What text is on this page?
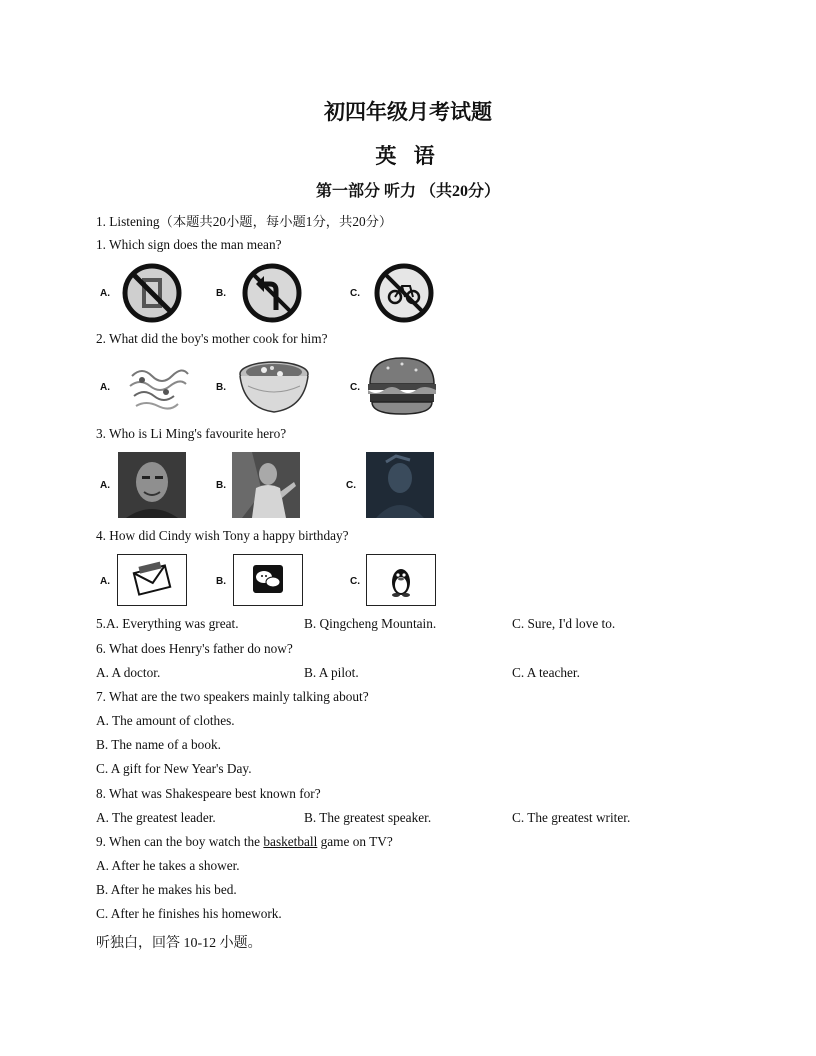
初四年级月考试题
英 语
第一部分 听力 （共20分）
1. Listening（本题共20小题，每小题1分，共20分）
1. Which sign does the man mean?
A.	B.	C.
2. What did the boy's mother cook for him?
A.	B.	C.
3. Who is Li Ming's favourite hero?
A.	B.	C.
4. How did Cindy wish Tony a happy birthday?
A.	B.	C.
5.A. Everything was great.	B. Qingcheng Mountain.	C. Sure, I'd love to.
6. What does Henry's father do now?
A. A doctor.	B. A pilot.	C. A teacher.
7. What are the two speakers mainly talking about?
A. The amount of clothes.
B. The name of a book.
C. A gift for New Year's Day.
8. What was Shakespeare best known for?
A. The greatest leader.	B. The greatest speaker.	C. The greatest writer.
9. When can the boy watch the basketball game on TV?
A. After he takes a shower.
B. After he makes his bed.
C. After he finishes his homework.
听独白，回答 10-12 小题。
